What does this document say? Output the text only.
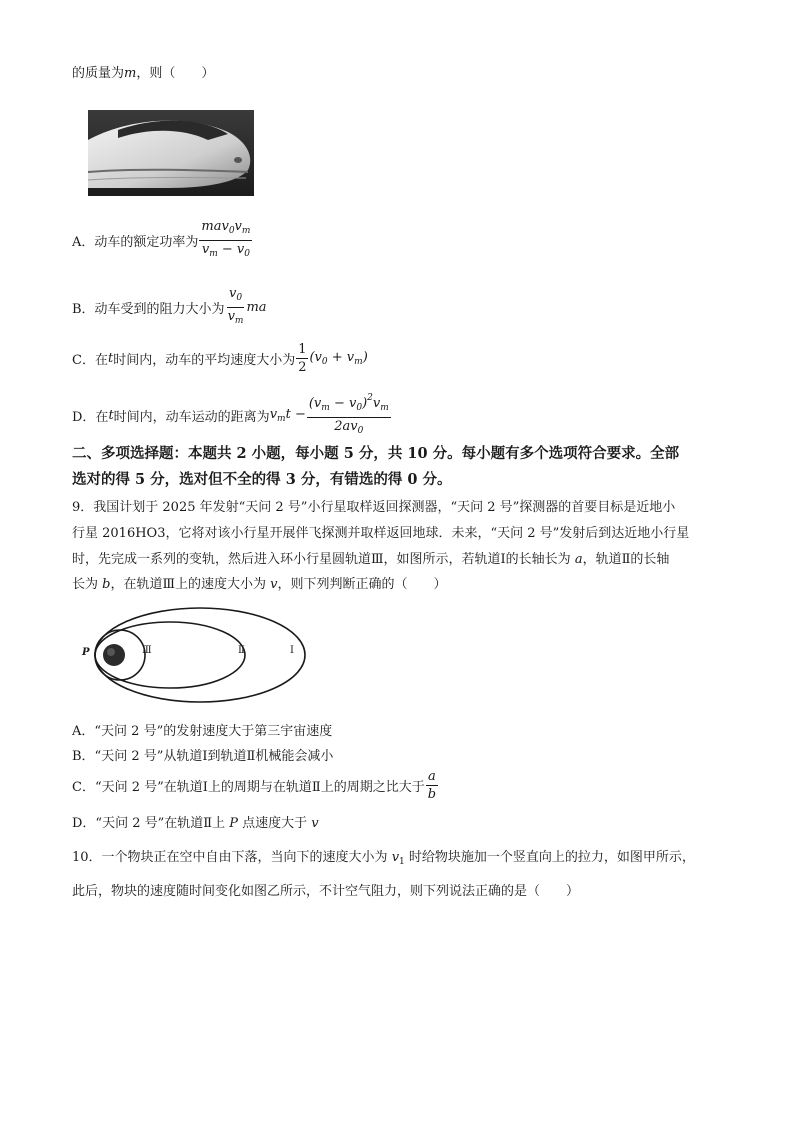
的质量为m，则（　　）
A．动车的额定功率为 $\frac{mav_0v_m}{v_m - v_0}$
B．动车受到的阻力大小为 $\frac{v_0}{v_m}$ ma
C．在 t 时间内，动车的平均速度大小为 $\frac{1}{2} (v_0 + v_m)$
D．在 t 时间内，动车运动的距离为 $v_mt - \frac{(v_m - v_0)^2v_m}{2av_0}$
二、多项选择题：本题共 2 小题，每小题 5 分，共 10 分。每小题有多个选项符合要求。全部
选对的得 5 分，选对但不全的得 3 分，有错选的得 0 分。
9．我国计划于 2025 年发射“天问 2 号”小行星取样返回探测器，“天问 2 号”探测器的首要目标是近地小
行星 2016HO3，它将对该小行星开展伴飞探测并取样返回地球．未来，“天问 2 号”发射后到达近地小行星
时，先完成一系列的变轨，然后进入环小行星圆轨道Ⅲ，如图所示，若轨道Ⅰ的长轴长为 a，轨道Ⅱ的长轴
长为 b，在轨道Ⅲ上的速度大小为 v，则下列判断正确的（　　）
P	Ⅲ	Ⅱ	Ⅰ
A．“天问 2 号”的发射速度大于第三宇宙速度
B．“天问 2 号”从轨道Ⅰ到轨道Ⅱ机械能会减小
C．“天问 2 号”在轨道Ⅰ上的周期与在轨道Ⅱ上的周期之比大于 $\frac{a}{b}$
D．“天问 2 号”在轨道Ⅱ上 P 点速度大于 v
10．一个物块正在空中自由下落，当向下的速度大小为 $v_1$ 时给物块施加一个竖直向上的拉力，如图甲所示，
此后，物块的速度随时间变化如图乙所示，不计空气阻力，则下列说法正确的是（　　）
